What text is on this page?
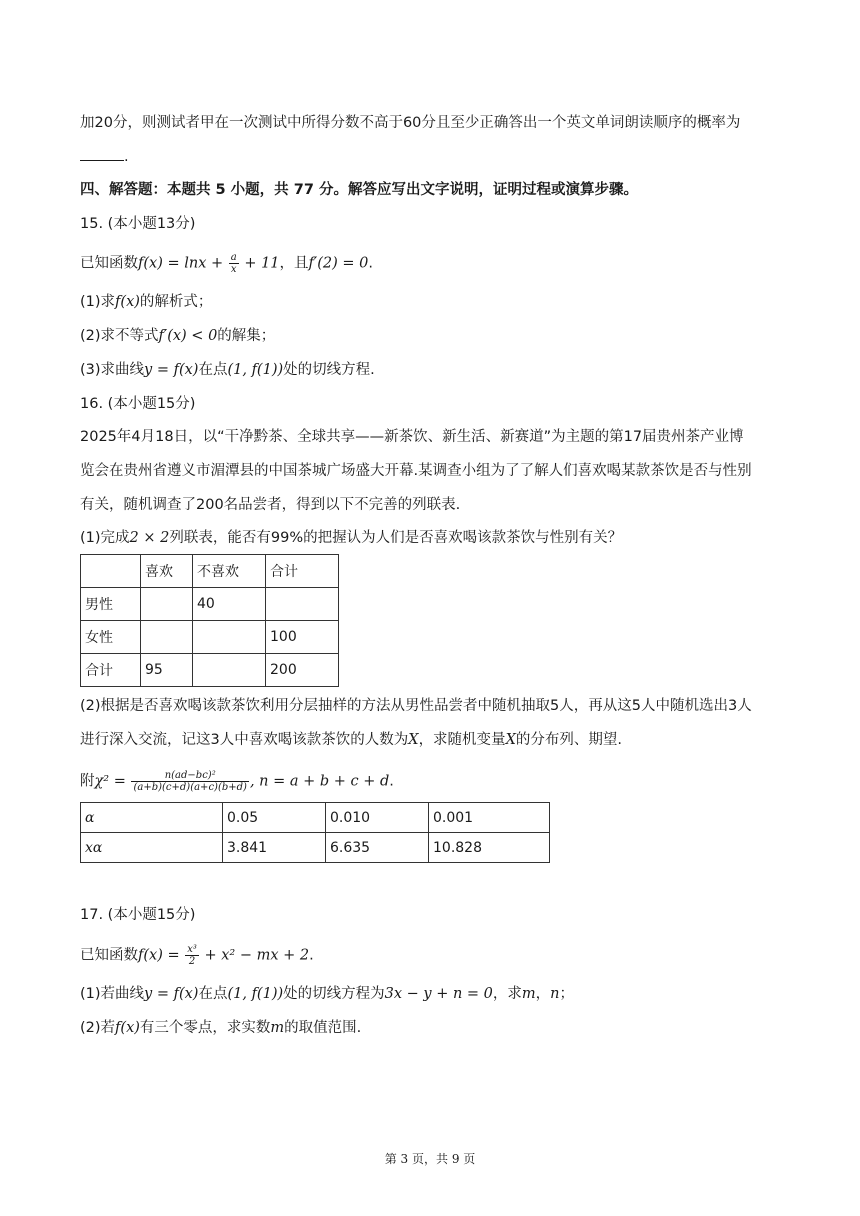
加20分，则测试者甲在一次测试中所得分数不高于60分且至少正确答出一个英文单词朗读顺序的概率为
.
四、解答题：本题共 5 小题，共 77 分。解答应写出文字说明，证明过程或演算步骤。
15. (本小题13分)
已知函数$f(x) = \ln x + \frac{a}{x} + 11$，且f′(2) = 0.
(1)求f(x)的解析式；
(2)求不等式f′(x) < 0的解集；
(3)求曲线y = f(x)在点(1, f(1))处的切线方程.
16. (本小题15分)
2025年4月18日，以“干净黔茶、全球共享——新茶饮、新生活、新赛道”为主题的第17届贵州茶产业博
览会在贵州省遵义市湄潭县的中国茶城广场盛大开幕.某调查小组为了了解人们喜欢喝某款茶饮是否与性别
有关，随机调查了200名品尝者，得到以下不完善的列联表.
(1)完成2 × 2列联表，能否有99%的把握认为人们是否喜欢喝该款茶饮与性别有关？
	喜欢	不喜欢	合计
男性		40	
女性			100
合计	95		200
(2)根据是否喜欢喝该款茶饮利用分层抽样的方法从男性品尝者中随机抽取5人，再从这5人中随机选出3人
进行深入交流，记这3人中喜欢喝该款茶饮的人数为X，求随机变量X的分布列、期望.
附$\chi^2 = \frac{\text{n(ad−bc)²}}{(a+b)(c+d)(a+c)(b+d)}$ , n = a + b + c + d.
α	0.05	0.010	0.001
xα	3.841	6.635	10.828
17. (本小题15分)
已知函数$f(x) = \frac{\text{x³}}{2} + x^2$ − mx + 2.
(1)若曲线y = f(x)在点(1, f(1))处的切线方程为3x − y + n = 0，求m，n；
(2)若f(x)有三个零点，求实数m的取值范围.
第 3 页，共 9 页
